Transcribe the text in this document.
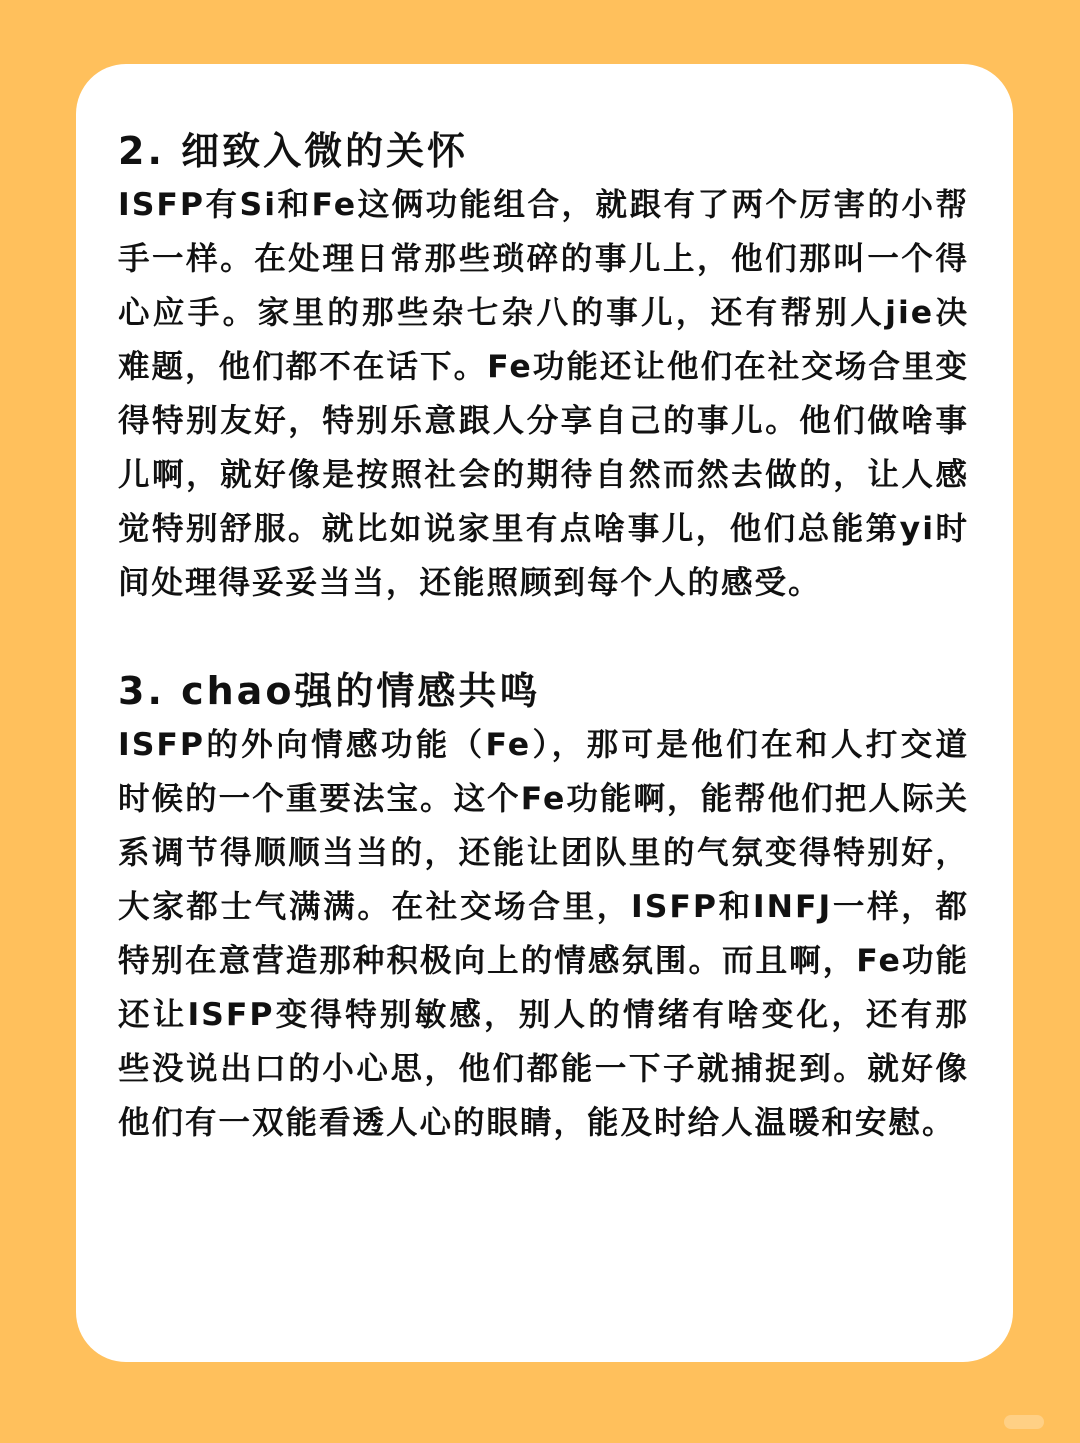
2. 细致入微的关怀

ISFP有Si和Fe这俩功能组合，就跟有了两个厉害的小帮手一样。在处理日常那些琐碎的事儿上，他们那叫一个得心应手。家里的那些杂七杂八的事儿，还有帮别人jie决难题，他们都不在话下。Fe功能还让他们在社交场合里变得特别友好，特别乐意跟人分享自己的事儿。他们做啥事儿啊，就好像是按照社会的期待自然而然去做的，让人感觉特别舒服。就比如说家里有点啥事儿，他们总能第yi时间处理得妥妥当当，还能照顾到每个人的感受。

3. chao强的情感共鸣

ISFP的外向情感功能（Fe），那可是他们在和人打交道时候的一个重要法宝。这个Fe功能啊，能帮他们把人际关系调节得顺顺当当的，还能让团队里的气氛变得特别好，大家都士气满满。在社交场合里，ISFP和INFJ一样，都特别在意营造那种积极向上的情感氛围。而且啊，Fe功能还让ISFP变得特别敏感，别人的情绪有啥变化，还有那些没说出口的小心思，他们都能一下子就捕捉到。就好像他们有一双能看透人心的眼睛，能及时给人温暖和安慰。
